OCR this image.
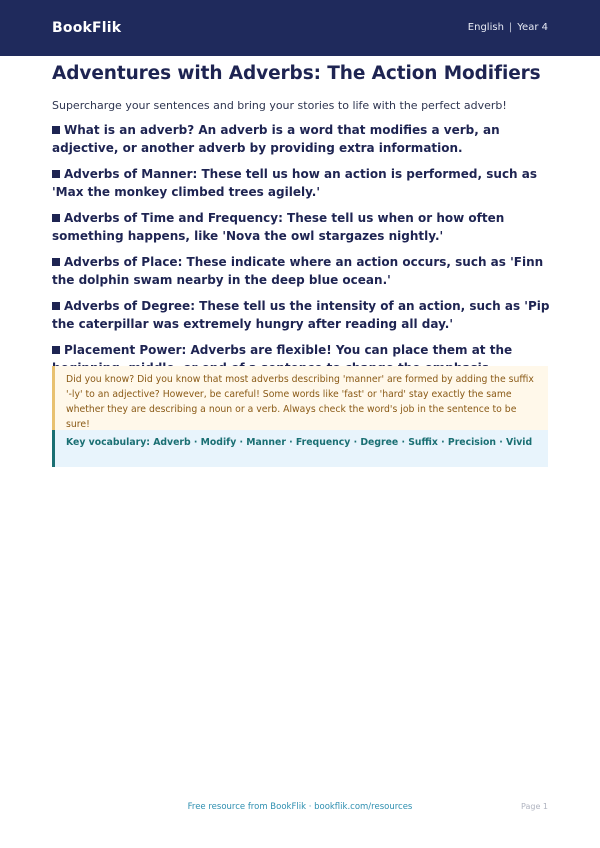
BookFlik	English | Year 4
Adventures with Adverbs: The Action Modifiers
Supercharge your sentences and bring your stories to life with the perfect adverb!
What is an adverb? An adverb is a word that modifies a verb, an adjective, or another adverb by providing extra information.
Adverbs of Manner: These tell us how an action is performed, such as 'Max the monkey climbed trees agilely.'
Adverbs of Time and Frequency: These tell us when or how often something happens, like 'Nova the owl stargazes nightly.'
Adverbs of Place: These indicate where an action occurs, such as 'Finn the dolphin swam nearby in the deep blue ocean.'
Adverbs of Degree: These tell us the intensity of an action, such as 'Pip the caterpillar was extremely hungry after reading all day.'
Placement Power: Adverbs are flexible! You can place them at the
Did you know? Did you know that most adverbs describing 'manner' are formed by adding the suffix '-ly' to an adjective? However, be careful! Some words like 'fast' or 'hard' stay exactly the same whether they are describing a noun or a verb. Always check the word's job in the sentence to be sure!
Key vocabulary: Adverb · Modify · Manner · Frequency · Degree · Suffix · Precision · Vivid
Free resource from BookFlik · bookflik.com/resources	Page 1
